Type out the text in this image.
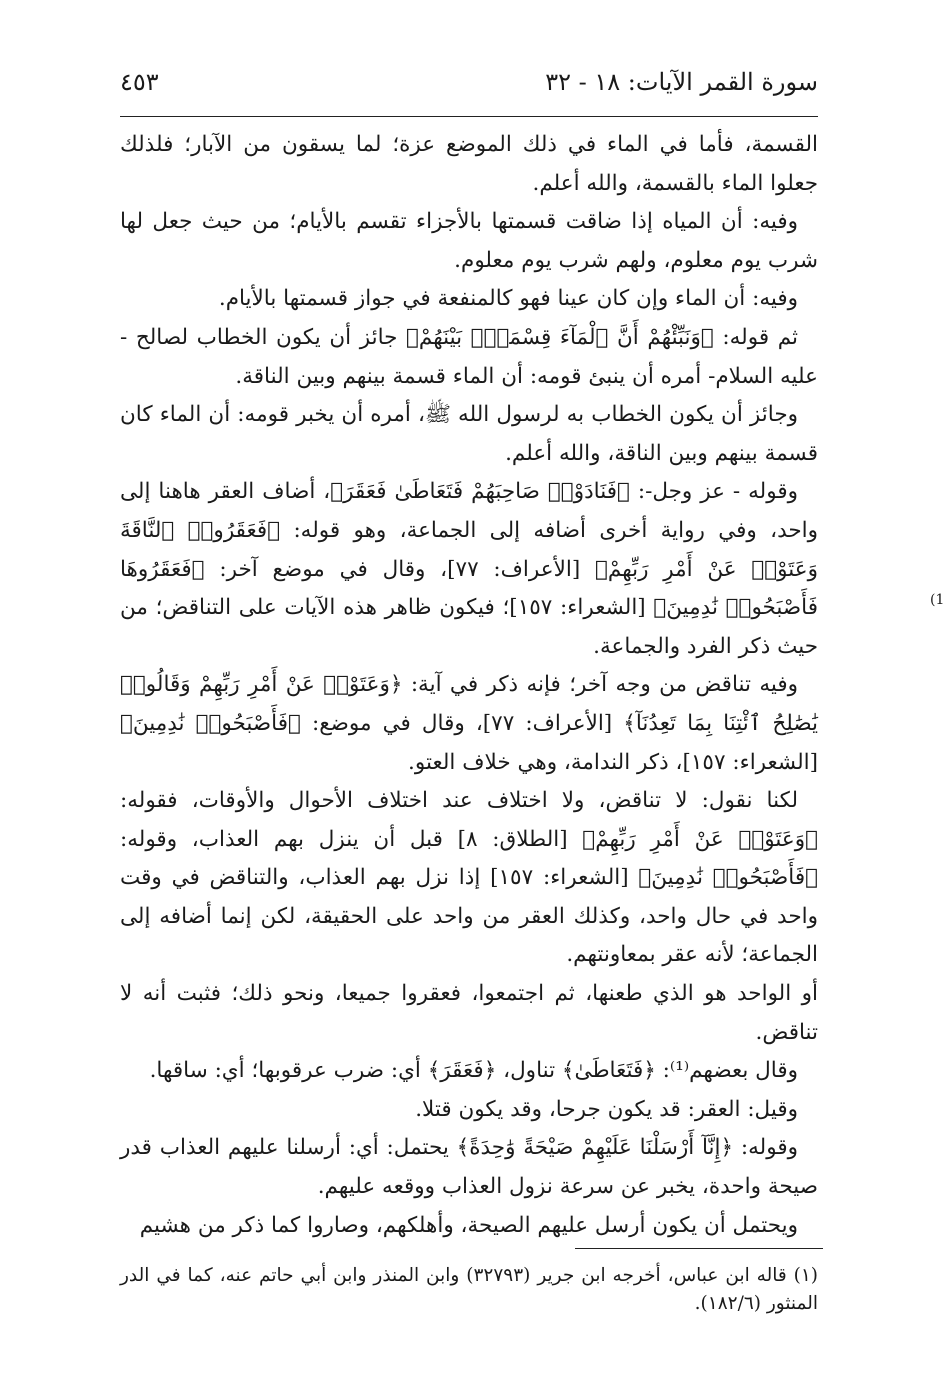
سورة القمر الآيات: ١٨ - ٣٢
٤٥٣

القسمة، فأما في الماء في ذلك الموضع عزة؛ لما يسقون من الآبار؛ فلذلك جعلوا الماء بالقسمة، والله أعلم.

وفيه: أن المياه إذا ضاقت قسمتها بالأجزاء تقسم بالأيام؛ من حيث جعل لها شرب يوم معلوم، ولهم شرب يوم معلوم.

وفيه: أن الماء وإن كان عينا فهو كالمنفعة في جواز قسمتها بالأيام.

ثم قوله: ﴿وَنَبِّئْهُمْ أَنَّ ٱلْمَآءَ قِسْمَةٌۢ بَيْنَهُمْ﴾ جائز أن يكون الخطاب لصالح - عليه السلام- أمره أن ينبئ قومه: أن الماء قسمة بينهم وبين الناقة.

وجائز أن يكون الخطاب به لرسول الله ﷺ، أمره أن يخبر قومه: أن الماء كان قسمة بينهم وبين الناقة، والله أعلم.

وقوله - عز وجل-: ﴿فَنَادَوْا۟ صَاحِبَهُمْ فَتَعَاطَىٰ فَعَقَرَ﴾، أضاف العقر هاهنا إلى واحد، وفي رواية أخرى أضافه إلى الجماعة، وهو قوله: ﴿فَعَقَرُوا۟ ٱلنَّاقَةَ وَعَتَوْا۟ عَنْ أَمْرِ رَبِّهِمْ﴾ [الأعراف: ٧٧]، وقال في موضع آخر: ﴿فَعَقَرُوهَا فَأَصْبَحُوا۟ نَٰدِمِينَ﴾ [الشعراء: ١٥٧]؛ فيكون ظاهر هذه الآيات على التناقض؛ من حيث ذكر الفرد والجماعة.

وفيه تناقض من وجه آخر؛ فإنه ذكر في آية: ﴿وَعَتَوْا۟ عَنْ أَمْرِ رَبِّهِمْ وَقَالُوا۟ يَٰصَٰلِحُ ٱئْتِنَا بِمَا تَعِدُنَآ﴾ [الأعراف: ٧٧]، وقال في موضع: ﴿فَأَصْبَحُوا۟ نَٰدِمِينَ﴾ [الشعراء: ١٥٧]، ذكر الندامة، وهي خلاف العتو.

لكنا نقول: لا تناقض، ولا اختلاف عند اختلاف الأحوال والأوقات، فقوله: ﴿وَعَتَوْا۟ عَنْ أَمْرِ رَبِّهِمْ﴾ [الطلاق: ٨] قبل أن ينزل بهم العذاب، وقوله: ﴿فَأَصْبَحُوا۟ نَٰدِمِينَ﴾ [الشعراء: ١٥٧] إذا نزل بهم العذاب، والتناقض في وقت واحد في حال واحد، وكذلك العقر من واحد على الحقيقة، لكن إنما أضافه إلى الجماعة؛ لأنه عقر بمعاونتهم.

أو الواحد هو الذي طعنها، ثم اجتمعوا، فعقروا جميعا، ونحو ذلك؛ فثبت أنه لا تناقض.

وقال بعضهم⁽¹⁾: ﴿فَتَعَاطَىٰ﴾ تناول، ﴿فَعَقَرَ﴾ أي: ضرب عرقوبها؛ أي: ساقها.

وقيل: العقر: قد يكون جرحا، وقد يكون قتلا.

وقوله: ﴿إِنَّآ أَرْسَلْنَا عَلَيْهِمْ صَيْحَةً وَٰحِدَةً﴾ يحتمل: أي: أرسلنا عليهم العذاب قدر صيحة واحدة، يخبر عن سرعة نزول العذاب ووقعه عليهم.

ويحتمل أن يكون أرسل عليهم الصيحة، وأهلكهم، وصاروا كما ذكر من هشيم

(١) قاله ابن عباس، أخرجه ابن جرير (٣٢٧٩٣) وابن المنذر وابن أبي حاتم عنه، كما في الدر المنثور (١٨٢/٦).

(1
